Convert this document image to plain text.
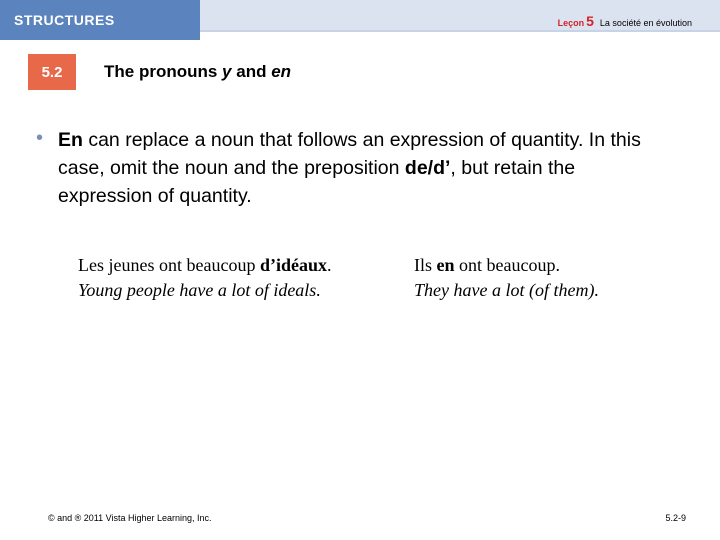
STRUCTURES	Leçon 5 La société en évolution
5.2	The pronouns y and en
• En can replace a noun that follows an expression of quantity. In this case, omit the noun and the preposition de/d’, but retain the expression of quantity.
Les jeunes ont beaucoup d’idéaux.
Young people have a lot of ideals.
Ils en ont beaucoup.
They have a lot (of them).
© and ® 2011 Vista Higher Learning, Inc.	5.2-9
